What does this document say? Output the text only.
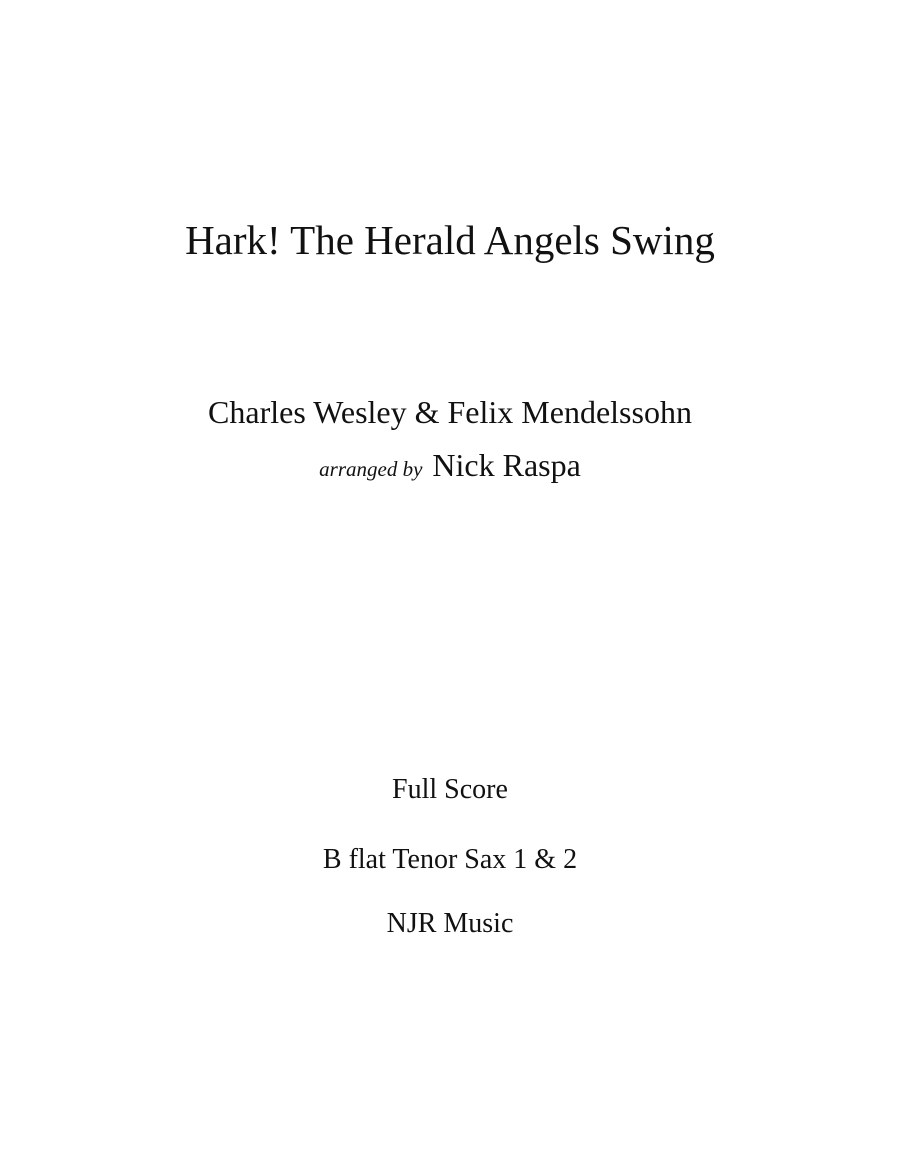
Hark! The Herald Angels Swing
Charles Wesley & Felix Mendelssohn
arranged by Nick Raspa
Full Score
B flat Tenor Sax 1 & 2
NJR Music
